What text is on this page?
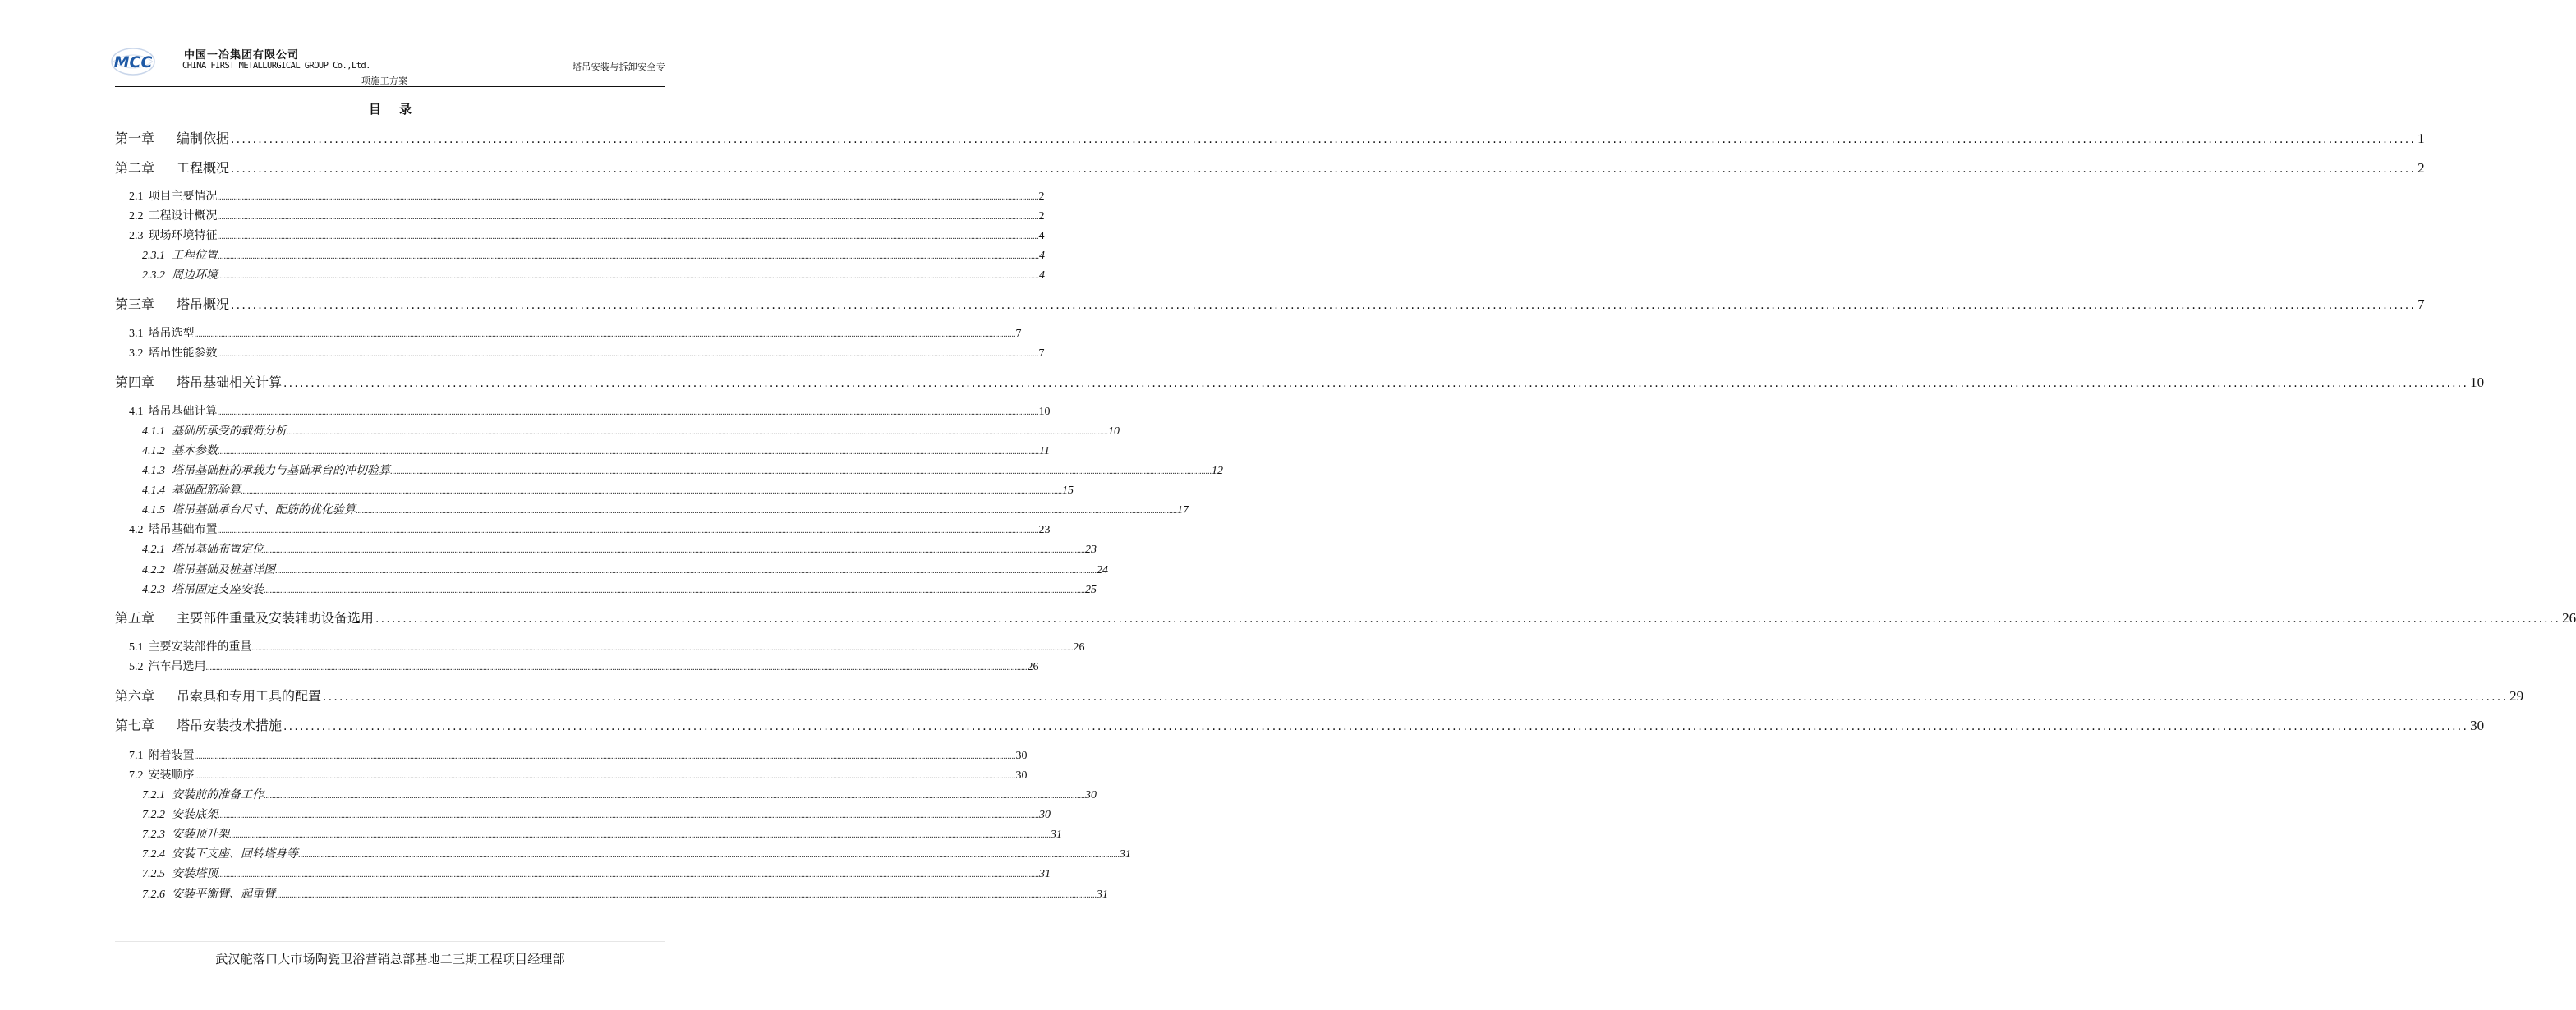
MCC	中国一冶集团有限公司
CHINA FIRST METALLURGICAL GROUP Co.,Ltd.	塔吊安装与拆卸安全专
项施工方案
目录
第一章 编制依据 ................................................................................................................................................................................................................................................................................................................................................................................................................ 1
第二章 工程概况 ................................................................................................................................................................................................................................................................................................................................................................................................................ 2
2.1 项目主要情况 ................................................................................................................................................................................................................................................................................................................................................................................................................ 2
2.2 工程设计概况 ................................................................................................................................................................................................................................................................................................................................................................................................................ 2
2.3 现场环境特征 ................................................................................................................................................................................................................................................................................................................................................................................................................ 4
2.3.1 工程位置 ................................................................................................................................................................................................................................................................................................................................................................................................................ 4
2.3.2 周边环境 ................................................................................................................................................................................................................................................................................................................................................................................................................ 4
第三章 塔吊概况 ................................................................................................................................................................................................................................................................................................................................................................................................................ 7
3.1 塔吊选型 ................................................................................................................................................................................................................................................................................................................................................................................................................ 7
3.2 塔吊性能参数 ................................................................................................................................................................................................................................................................................................................................................................................................................ 7
第四章 塔吊基础相关计算 ................................................................................................................................................................................................................................................................................................................................................................................................................ 10
4.1 塔吊基础计算 ................................................................................................................................................................................................................................................................................................................................................................................................................ 10
4.1.1 基础所承受的载荷分析 ................................................................................................................................................................................................................................................................................................................................................................................................................ 10
4.1.2 基本参数 ................................................................................................................................................................................................................................................................................................................................................................................................................ 11
4.1.3 塔吊基础桩的承载力与基础承台的冲切验算 ................................................................................................................................................................................................................................................................................................................................................................................................................ 12
4.1.4 基础配筋验算 ................................................................................................................................................................................................................................................................................................................................................................................................................ 15
4.1.5 塔吊基础承台尺寸、配筋的优化验算 ................................................................................................................................................................................................................................................................................................................................................................................................................ 17
4.2 塔吊基础布置 ................................................................................................................................................................................................................................................................................................................................................................................................................ 23
4.2.1 塔吊基础布置定位 ................................................................................................................................................................................................................................................................................................................................................................................................................ 23
4.2.2 塔吊基础及桩基详图 ................................................................................................................................................................................................................................................................................................................................................................................................................ 24
4.2.3 塔吊固定支座安装 ................................................................................................................................................................................................................................................................................................................................................................................................................ 25
第五章 主要部件重量及安装辅助设备选用 ................................................................................................................................................................................................................................................................................................................................................................................................................ 26
5.1 主要安装部件的重量 ................................................................................................................................................................................................................................................................................................................................................................................................................ 26
5.2 汽车吊选用 ................................................................................................................................................................................................................................................................................................................................................................................................................ 26
第六章 吊索具和专用工具的配置 ................................................................................................................................................................................................................................................................................................................................................................................................................ 29
第七章 塔吊安装技术措施 ................................................................................................................................................................................................................................................................................................................................................................................................................ 30
7.1 附着装置 ................................................................................................................................................................................................................................................................................................................................................................................................................ 30
7.2 安装顺序 ................................................................................................................................................................................................................................................................................................................................................................................................................ 30
7.2.1 安装前的准备工作 ................................................................................................................................................................................................................................................................................................................................................................................................................ 30
7.2.2 安装底架 ................................................................................................................................................................................................................................................................................................................................................................................................................ 30
7.2.3 安装顶升架 ................................................................................................................................................................................................................................................................................................................................................................................................................ 31
7.2.4 安装下支座、回转塔身等 ................................................................................................................................................................................................................................................................................................................................................................................................................ 31
7.2.5 安装塔顶 ................................................................................................................................................................................................................................................................................................................................................................................................................ 31
7.2.6 安装平衡臂、起重臂 ................................................................................................................................................................................................................................................................................................................................................................................................................ 31
武汉舵落口大市场陶瓷卫浴营销总部基地二三期工程项目经理部
